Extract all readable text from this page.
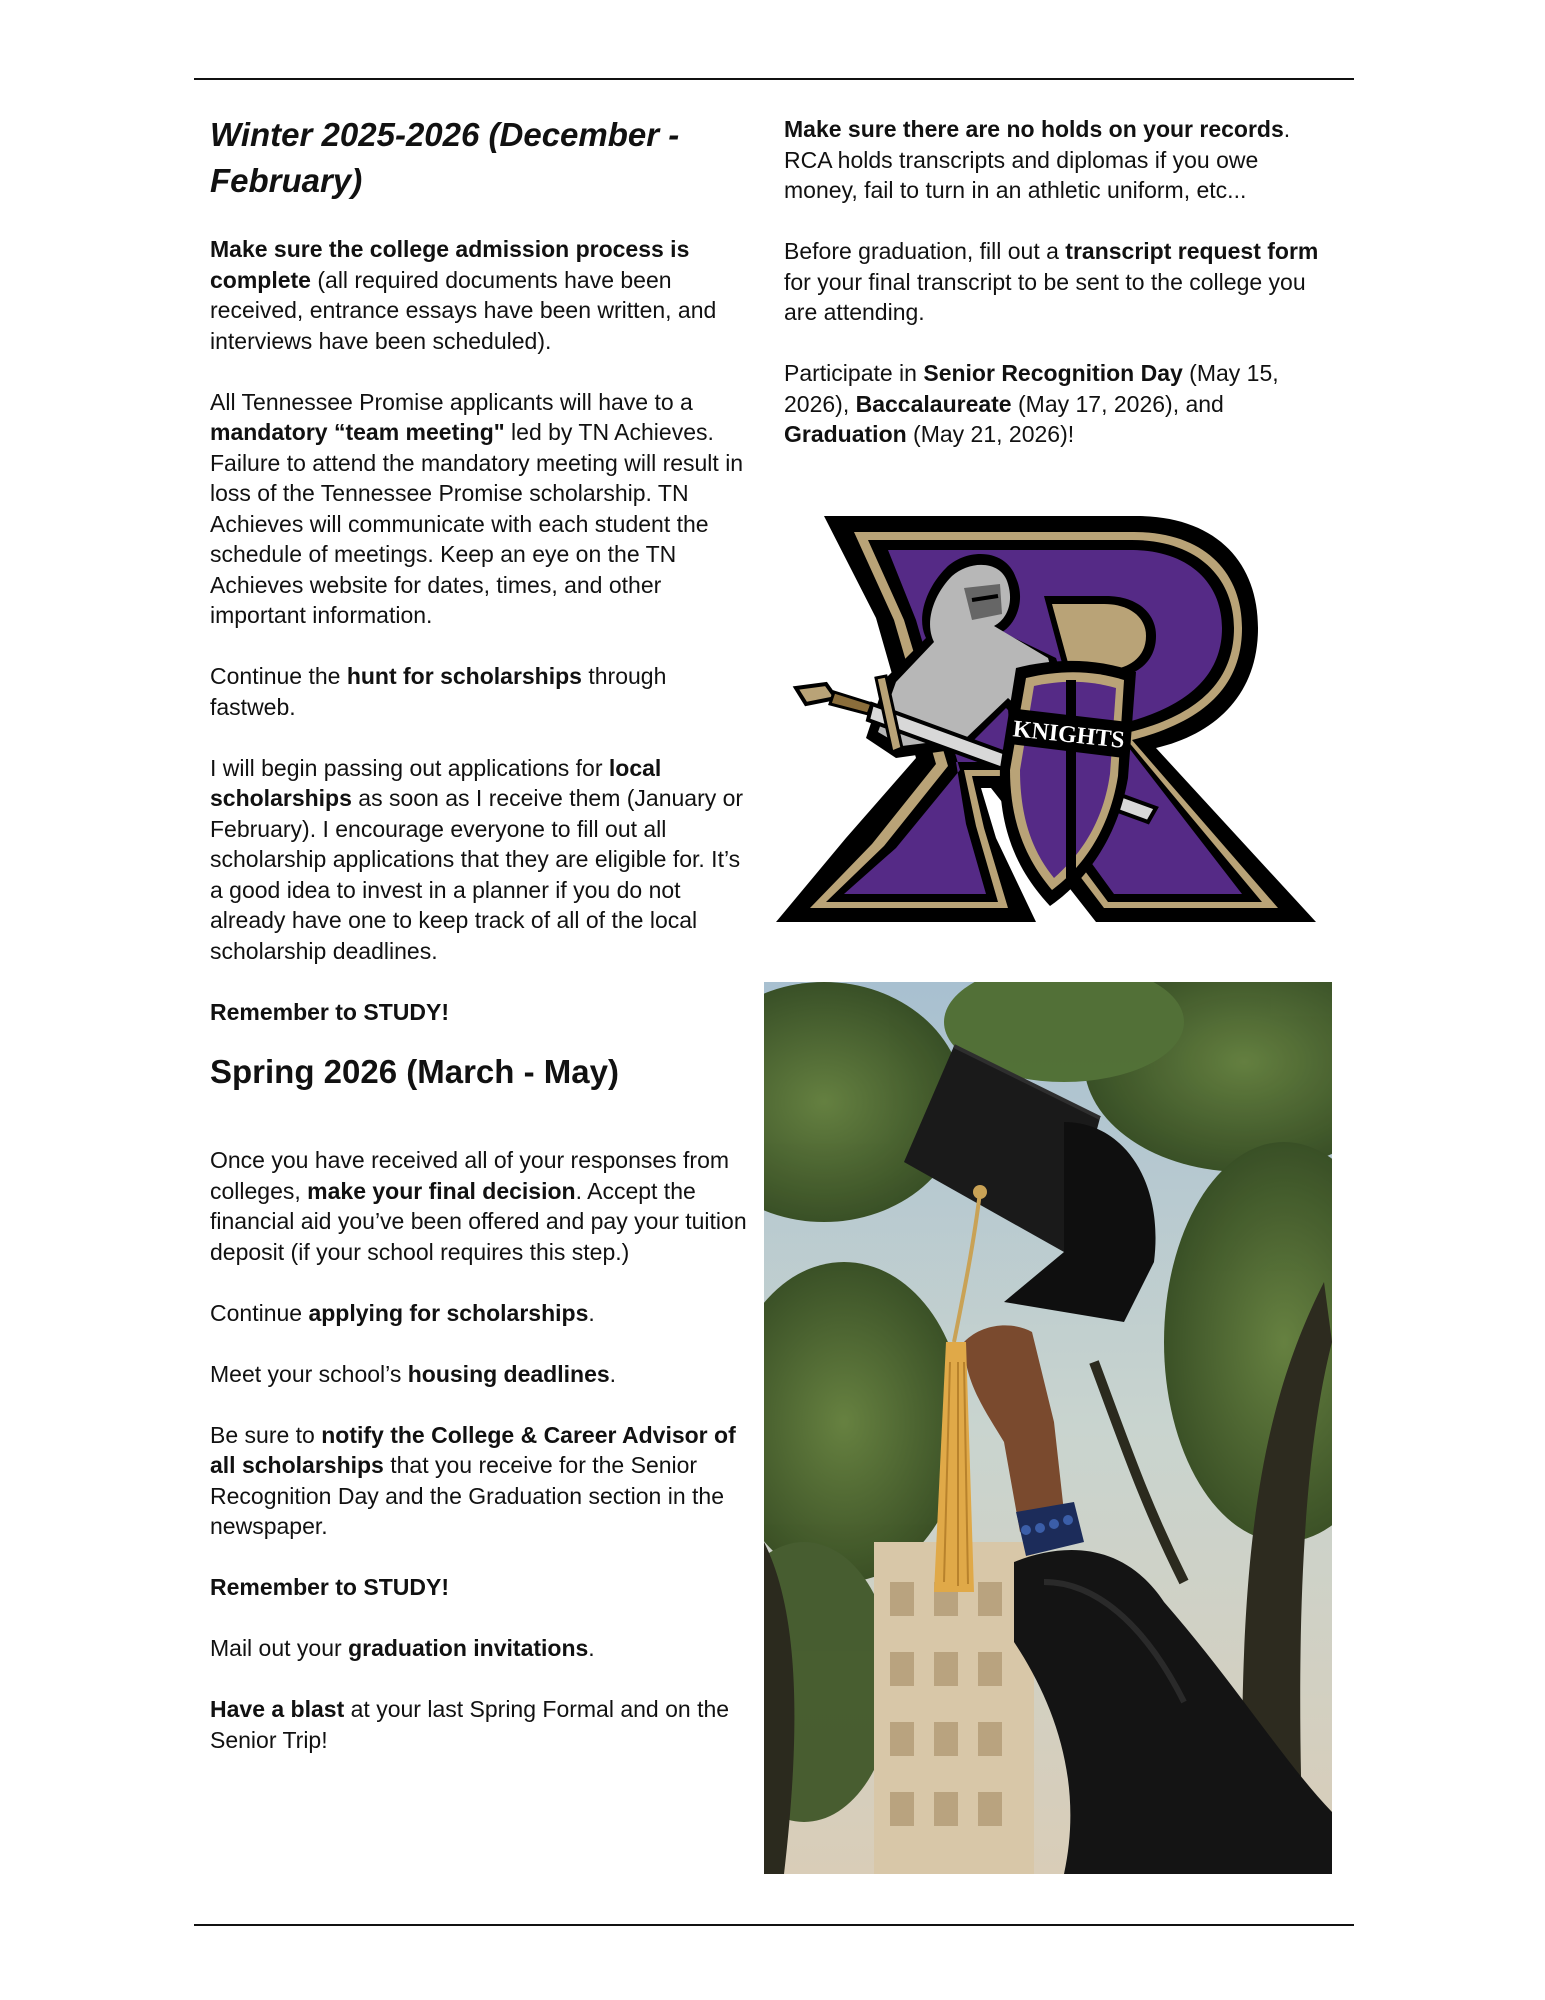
Winter 2025-2026 (December - February)

Make sure the college admission process is complete (all required documents have been received, entrance essays have been written, and interviews have been scheduled).

All Tennessee Promise applicants will have to a mandatory “team meeting" led by TN Achieves. Failure to attend the mandatory meeting will result in loss of the Tennessee Promise scholarship. TN Achieves will communicate with each student the schedule of meetings. Keep an eye on the TN Achieves website for dates, times, and other important information.

Continue the hunt for scholarships through fastweb.

I will begin passing out applications for local scholarships as soon as I receive them (January or February). I encourage everyone to fill out all scholarship applications that they are eligible for. It’s a good idea to invest in a planner if you do not already have one to keep track of all of the local scholarship deadlines.

Remember to STUDY!

Spring 2026 (March - May)

Once you have received all of your responses from colleges, make your final decision. Accept the financial aid you’ve been offered and pay your tuition deposit (if your school requires this step.)

Continue applying for scholarships.

Meet your school’s housing deadlines.

Be sure to notify the College & Career Advisor of all scholarships that you receive for the Senior Recognition Day and the Graduation section in the newspaper.

Remember to STUDY!

Mail out your graduation invitations.

Have a blast at your last Spring Formal and on the Senior Trip!

Make sure there are no holds on your records. RCA holds transcripts and diplomas if you owe money, fail to turn in an athletic uniform, etc...

Before graduation, fill out a transcript request form for your final transcript to be sent to the college you are attending.

Participate in Senior Recognition Day (May 15, 2026), Baccalaureate (May 17, 2026), and Graduation (May 21, 2026)!

KNIGHTS
